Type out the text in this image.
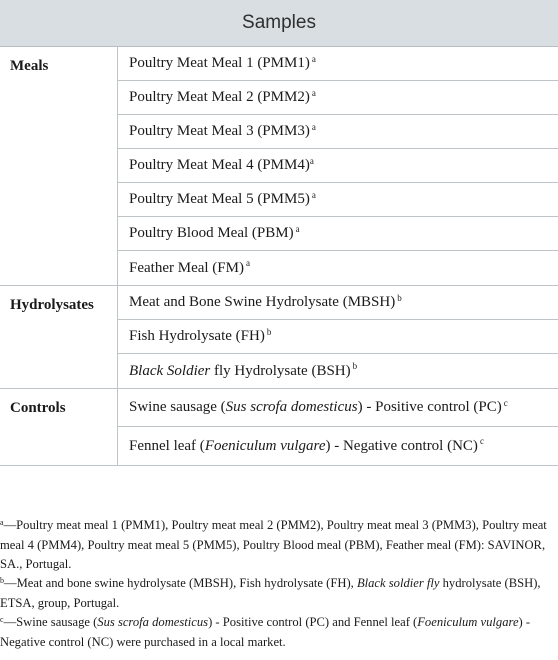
Samples
Meals	Poultry Meat Meal 1 $(PMM1)^a$
Poultry Meat Meal 2 $(PMM2)^a$
Poultry Meat Meal 3 $(PMM3)^a$
Poultry Meat Meal 4 $(PMM4)^a$
Poultry Meat Meal 5 $(PMM5)^a$
Poultry Blood Meal (PBM)$^a$
Feather Meal (FM)$^a$
Hydrolysates	Meat and Bone Swine Hydrolysate (MBSH)$^b$
Fish Hydrolysate (FH)$^b$
Black Soldier fly Hydrolysate (BSH)$^b$
Controls	Swine sausage ( Sus scrofa domesticus ) - Positive control (PC)$^c$
Fennel leaf ( Foeniculum vulgare ) - Negative control (NC)$^c$

$^a$—Poultry meat meal 1 (PMM1), Poultry meat meal 2 (PMM2), Poultry meat meal 3 (PMM3), Poultry meat meal 4 (PMM4), Poultry meat meal 5 (PMM5), Poultry Blood meal (PBM), Feather meal (FM): SAVINOR, SA., Portugal.

$^b$—Meat and bone swine hydrolysate (MBSH), Fish hydrolysate (FH), Black soldier fly hydrolysate (BSH), ETSA, group, Portugal.

$^c$—Swine sausage (Sus scrofa domesticus) - Positive control (PC) and Fennel leaf (Foeniculum vulgare) - Negative control (NC) were purchased in a local market.
